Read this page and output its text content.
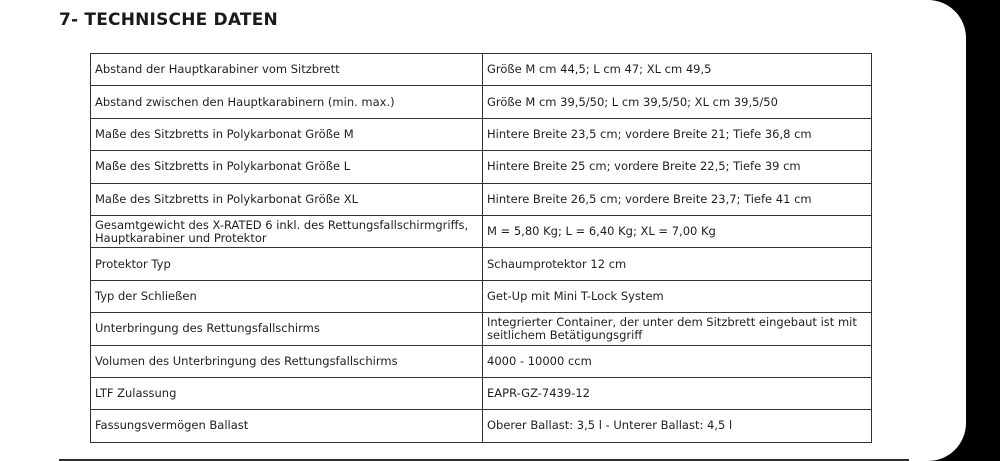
7- TECHNISCHE DATEN
Abstand der Hauptkarabiner vom Sitzbrett	Größe M cm 44,5; L cm 47; XL cm 49,5
Abstand zwischen den Hauptkarabinern (min. max.)	Größe M cm 39,5/50; L cm 39,5/50; XL cm 39,5/50
Maße des Sitzbretts in Polykarbonat Größe M	Hintere Breite 23,5 cm; vordere Breite 21; Tiefe 36,8 cm
Maße des Sitzbretts in Polykarbonat Größe L	Hintere Breite 25 cm; vordere Breite 22,5; Tiefe 39 cm
Maße des Sitzbretts in Polykarbonat Größe XL	Hintere Breite 26,5 cm; vordere Breite 23,7; Tiefe 41 cm
Gesamtgewicht des X-RATED 6 inkl. des Rettungsfallschirmgriffs, Hauptkarabiner und Protektor	M = 5,80 Kg; L = 6,40 Kg; XL = 7,00 Kg
Protektor Typ	Schaumprotektor 12 cm
Typ der Schließen	Get-Up mit Mini T-Lock System
Unterbringung des Rettungsfallschirms	Integrierter Container, der unter dem Sitzbrett eingebaut ist mit seitlichem Betätigungsgriff
Volumen des Unterbringung des Rettungsfallschirms	4000 - 10000 ccm
LTF Zulassung	EAPR-GZ-7439-12
Fassungsvermögen Ballast	Oberer Ballast: 3,5 l - Unterer Ballast: 4,5 l
